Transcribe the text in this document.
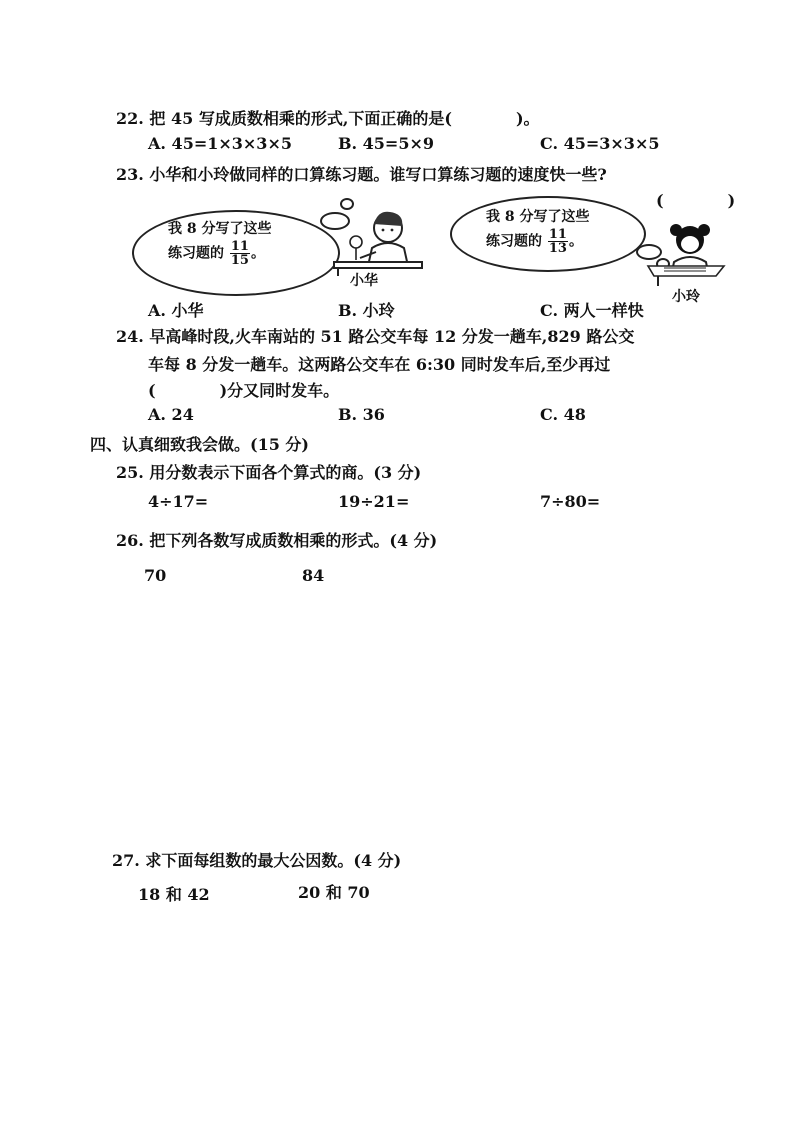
22. 把 45 写成质数相乘的形式,下面正确的是(　　　　)。
A. 45=1×3×3×5	B. 45=5×9	C. 45=3×3×5
23. 小华和小玲做同样的口算练习题。谁写口算练习题的速度快一些?
(　　　　)
我 8 分写了这些
练习题的 $\frac{11}{15}$ 。
小华
我 8 分写了这些
练习题的 $\frac{11}{13}$ 。
小玲
A. 小华	B. 小玲	C. 两人一样快
24. 早高峰时段,火车南站的 51 路公交车每 12 分发一趟车,829 路公交
车每 8 分发一趟车。这两路公交车在 6:30 同时发车后,至少再过
(　　　　)分又同时发车。
A. 24	B. 36	C. 48
四、认真细致我会做。(15 分)
25. 用分数表示下面各个算式的商。(3 分)
4÷17=	19÷21=	7÷80=
26. 把下列各数写成质数相乘的形式。(4 分)
70	84
27. 求下面每组数的最大公因数。(4 分)
18 和 42	20 和 70
